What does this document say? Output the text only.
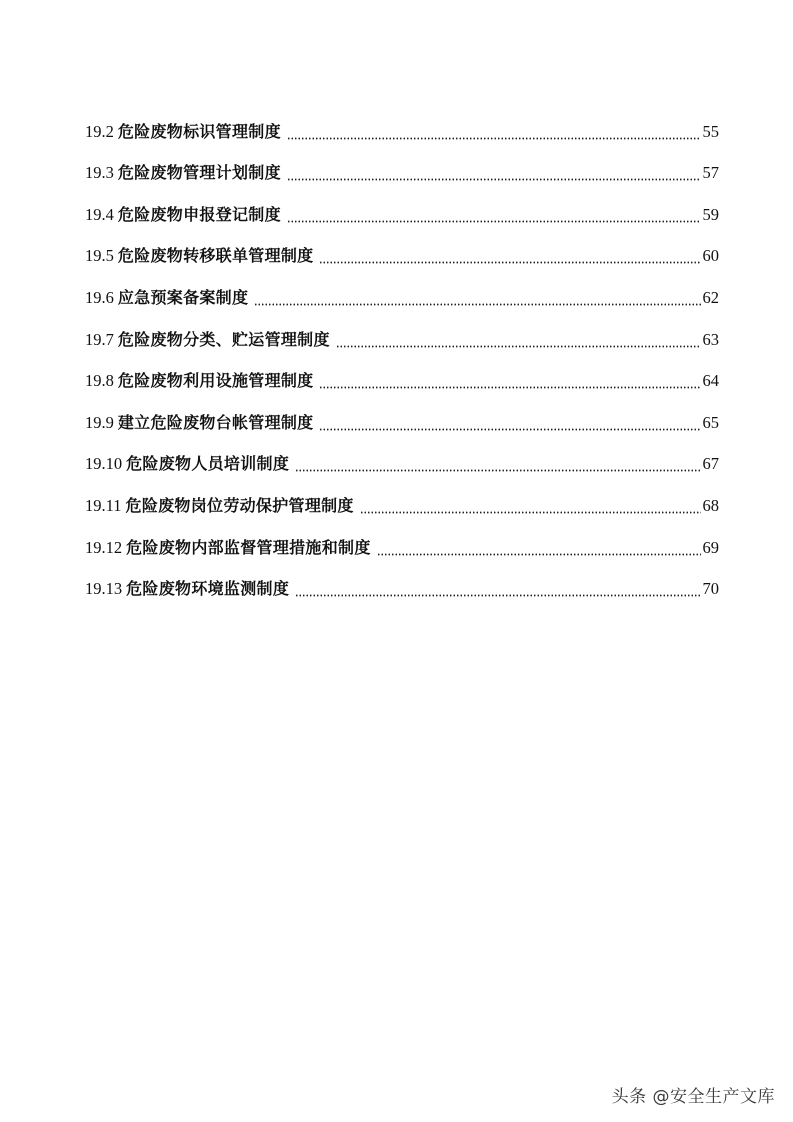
19.2 危险废物标识管理制度	55
19.3 危险废物管理计划制度	57
19.4 危险废物申报登记制度	59
19.5 危险废物转移联单管理制度	60
19.6 应急预案备案制度	62
19.7 危险废物分类、贮运管理制度	63
19.8 危险废物利用设施管理制度	64
19.9 建立危险废物台帐管理制度	65
19.10 危险废物人员培训制度	67
19.11 危险废物岗位劳动保护管理制度	68
19.12 危险废物内部监督管理措施和制度	69
19.13 危险废物环境监测制度	70
头条 @安全生产文库
